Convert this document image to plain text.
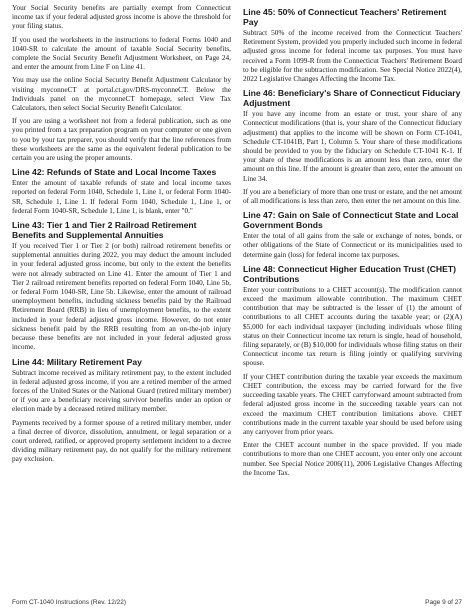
Your Social Security benefits are partially exempt from Connecticut income tax if your federal adjusted gross income is above the threshold for your filing status.

If you used the worksheets in the instructions to federal Forms 1040 and 1040-SR to calculate the amount of taxable Social Security benefits, complete the Social Security Benefit Adjustment Worksheet, on Page 24, and enter the amount from Line F on Line 41.

You may use the online Social Security Benefit Adjustment Calculator by visiting myconneCT at portal.ct.gov/DRS-myconneCT. Below the Individuals panel on the myconneCT homepage, select View Tax Calculators, then select Social Security Benefit Calculator.

If you are using a worksheet not from a federal publication, such as one you printed from a tax preparation program on your computer or one given to you by your tax preparer, you should verify that the line references from these worksheets are the same as the equivalent federal publication to be certain you are using the proper amounts.

Line 42: Refunds of State and Local Income Taxes

Enter the amount of taxable refunds of state and local income taxes reported on federal Form 1040, Schedule 1, Line 1, or federal Form 1040-SR, Schedule 1, Line 1. If federal Form 1040, Schedule 1, Line 1, or federal Form 1040-SR, Schedule 1, Line 1, is blank, enter "0."

Line 43: Tier 1 and Tier 2 Railroad Retirement Benefits and Supplemental Annuities

If you received Tier 1 or Tier 2 (or both) railroad retirement benefits or supplemental annuities during 2022, you may deduct the amount included in your federal adjusted gross income, but only to the extent the benefits were not already subtracted on Line 41. Enter the amount of Tier 1 and Tier 2 railroad retirement benefits reported on federal Form 1040, Line 5b, or federal Form 1040-SR, Line 5b. Likewise, enter the amount of railroad unemployment benefits, including sickness benefits paid by the Railroad Retirement Board (RRB) in lieu of unemployment benefits, to the extent included in your federal adjusted gross income. However, do not enter sickness benefit paid by the RRB resulting from an on-the-job injury because these benefits are not included in your federal adjusted gross income.

Line 44: Military Retirement Pay

Subtract income received as military retirement pay, to the extent included in federal adjusted gross income, if you are a retired member of the armed forces of the United States or the National Guard (retired military member) or if you are a beneficiary receiving survivor benefits under an option or election made by a deceased retired military member.

Payments received by a former spouse of a retired military member, under a final decree of divorce, dissolution, annulment, or legal separation or a court ordered, ratified, or approved property settlement incident to a decree dividing military retirement pay, do not qualify for the military retirement pay exclusion.

Line 45: 50% of Connecticut Teachers' Retirement Pay

Subtract 50% of the income received from the Connecticut Teachers' Retirement System, provided you properly included such income in federal adjusted gross income for federal income tax purposes. You must have received a Form 1099-R from the Connecticut Teachers' Retirement Board to be eligible for the subtraction modification. See Special Notice 2022(4), 2022 Legislative Changes Affecting the Income Tax.

Line 46: Beneficiary's Share of Connecticut Fiduciary Adjustment

If you have any income from an estate or trust, your share of any Connecticut modifications (that is, your share of the Connecticut fiduciary adjustment) that applies to the income will be shown on Form CT-1041, Schedule CT-1041B, Part 1, Column 5. Your share of these modifications should be provided to you by the fiduciary on Schedule CT-1041 K-1. If your share of these modifications is an amount less than zero, enter the amount on this line. If the amount is greater than zero, enter the amount on Line 34.

If you are a beneficiary of more than one trust or estate, and the net amount of all modifications is less than zero, then enter the net amount on this line.

Line 47: Gain on Sale of Connecticut State and Local Government Bonds

Enter the total of all gains from the sale or exchange of notes, bonds, or other obligations of the State of Connecticut or its municipalities used to determine gain (loss) for federal income tax purposes.

Line 48: Connecticut Higher Education Trust (CHET) Contributions

Enter your contributions to a CHET account(s). The modification cannot exceed the maximum allowable contribution. The maximum CHET contribution that may be subtracted is the lesser of (1) the amount of contributions to all CHET accounts during the taxable year; or (2)(A) $5,000 for each individual taxpayer (including individuals whose filing status on their Connecticut income tax return is single, head of household, filing separately, or (B) $10,000 for individuals whose filing status on their Connecticut income tax return is filing jointly or qualifying surviving spouse.

If your CHET contribution during the taxable year exceeds the maximum CHET contribution, the excess may be carried forward for the five succeeding taxable years. The CHET carryforward amount subtracted from federal adjusted gross income in the succeeding taxable years can not exceed the maximum CHET contribution limitations above. CHET contributions made in the current taxable year should be used before using any carryover from prior years.

Enter the CHET account number in the space provided. If you made contributions to more than one CHET account, you enter only one account number. See Special Notice 2006(11), 2006 Legislative Changes Affecting the Income Tax.

Form CT-1040 Instructions (Rev. 12/22)	Page 9 of 27
